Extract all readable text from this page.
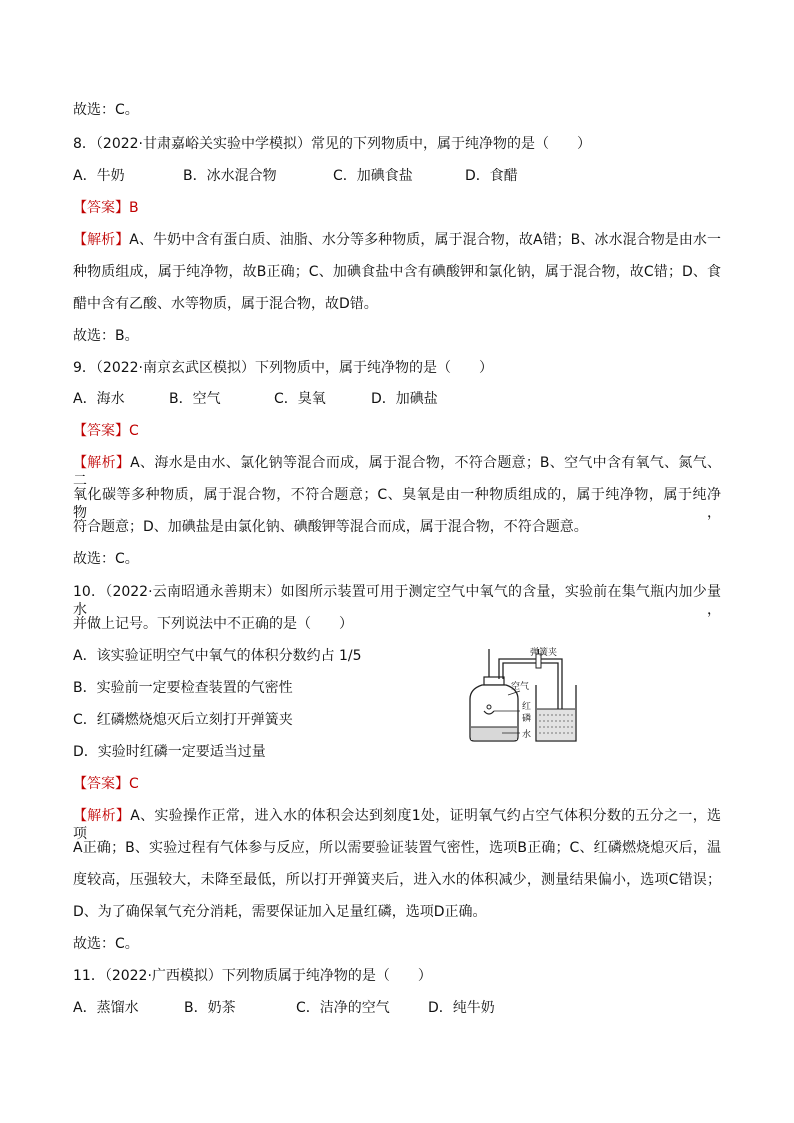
故选：C。
8．（2022·甘肃嘉峪关实验中学模拟）常见的下列物质中，属于纯净物的是（　　）
A．牛奶	B．冰水混合物	C．加碘食盐	D．食醋
【答案】B
【解析】A、牛奶中含有蛋白质、油脂、水分等多种物质，属于混合物，故A错；B、冰水混合物是由水一
种物质组成，属于纯净物，故B正确；C、加碘食盐中含有碘酸钾和氯化钠，属于混合物，故C错；D、食
醋中含有乙酸、水等物质，属于混合物，故D错。
故选：B。
9．（2022·南京玄武区模拟）下列物质中，属于纯净物的是（　　）
A．海水	B．空气	C．臭氧	D．加碘盐
【答案】C
【解析】A、海水是由水、氯化钠等混合而成，属于混合物，不符合题意；B、空气中含有氧气、氮气、二
氧化碳等多种物质，属于混合物，不符合题意；C、臭氧是由一种物质组成的，属于纯净物，属于纯净物，
符合题意；D、加碘盐是由氯化钠、碘酸钾等混合而成，属于混合物，不符合题意。
故选：C。
10．（2022·云南昭通永善期末）如图所示装置可用于测定空气中氧气的含量，实验前在集气瓶内加少量水，
并做上记号。下列说法中不正确的是（　　）
A．该实验证明空气中氧气的体积分数约占 1/5
B．实验前一定要检查装置的气密性
C．红磷燃烧熄灭后立刻打开弹簧夹
D．实验时红磷一定要适当过量
弹簧夹
空气
红
磷
水
【答案】C
【解析】A、实验操作正常，进入水的体积会达到刻度1处，证明氧气约占空气体积分数的五分之一，选项
A正确；B、实验过程有气体参与反应，所以需要验证装置气密性，选项B正确；C、红磷燃烧熄灭后，温
度较高，压强较大，未降至最低，所以打开弹簧夹后，进入水的体积减少，测量结果偏小，选项C错误；
D、为了确保氧气充分消耗，需要保证加入足量红磷，选项D正确。
故选：C。
11．（2022·广西模拟）下列物质属于纯净物的是（　　）
A．蒸馏水	B．奶茶	C．洁净的空气	D．纯牛奶
